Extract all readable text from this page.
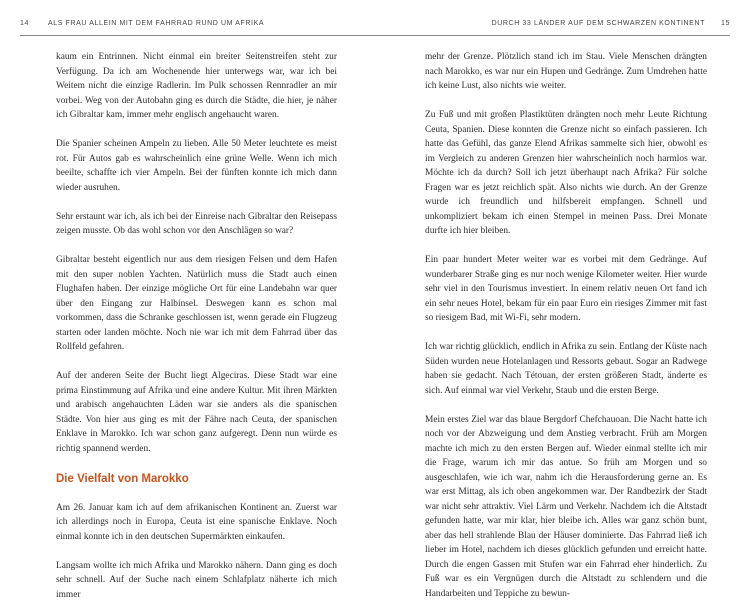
14	ALS FRAU ALLEIN MIT DEM FAHRRAD RUND UM AFRIKA

kaum ein Entrinnen. Nicht einmal ein breiter Seitenstreifen steht zur Verfügung. Da ich am Wochenende hier unterwegs war, war ich bei Weitem nicht die einzige Radlerin. Im Pulk schossen Rennradler an mir vorbei. Weg von der Autobahn ging es durch die Städte, die hier, je näher ich Gibraltar kam, immer mehr englisch angehaucht waren.

Die Spanier scheinen Ampeln zu lieben. Alle 50 Meter leuchtete es meist rot. Für Autos gab es wahrscheinlich eine grüne Welle. Wenn ich mich beeilte, schaffte ich vier Ampeln. Bei der fünften konnte ich mich dann wieder ausruhen.

Sehr erstaunt war ich, als ich bei der Einreise nach Gibraltar den Reisepass zeigen musste. Ob das wohl schon vor den Anschlägen so war?

Gibraltar besteht eigentlich nur aus dem riesigen Felsen und dem Hafen mit den super noblen Yachten. Natürlich muss die Stadt auch einen Flughafen haben. Der einzige mögliche Ort für eine Landebahn war quer über den Eingang zur Halbinsel. Deswegen kann es schon mal vorkommen, dass die Schranke geschlossen ist, wenn gerade ein Flugzeug starten oder landen möchte. Noch nie war ich mit dem Fahrrad über das Rollfeld gefahren.

Auf der anderen Seite der Bucht liegt Algeciras. Diese Stadt war eine prima Einstimmung auf Afrika und eine andere Kultur. Mit ihren Märkten und arabisch angehauchten Läden war sie anders als die spanischen Städte. Von hier aus ging es mit der Fähre nach Ceuta, der spanischen Enklave in Marokko. Ich war schon ganz aufgeregt. Denn nun würde es richtig spannend werden.

Die Vielfalt von Marokko

Am 26. Januar kam ich auf dem afrikanischen Kontinent an. Zuerst war ich allerdings noch in Europa, Ceuta ist eine spanische Enklave. Noch einmal konnte ich in den deutschen Supermärkten einkaufen.

Langsam wollte ich mich Afrika und Marokko nähern. Dann ging es doch sehr schnell. Auf der Suche nach einem Schlafplatz näherte ich mich immer

DURCH 33 LÄNDER AUF DEM SCHWARZEN KONTINENT 15

mehr der Grenze. Plötzlich stand ich im Stau. Viele Menschen drängten nach Marokko, es war nur ein Hupen und Gedränge. Zum Umdrehen hatte ich keine Lust, also nichts wie weiter.

Zu Fuß und mit großen Plastiktüten drängten noch mehr Leute Richtung Ceuta, Spanien. Diese konnten die Grenze nicht so einfach passieren. Ich hatte das Gefühl, das ganze Elend Afrikas sammelte sich hier, obwohl es im Vergleich zu anderen Grenzen hier wahrscheinlich noch harmlos war. Möchte ich da durch? Soll ich jetzt überhaupt nach Afrika? Für solche Fragen war es jetzt reichlich spät. Also nichts wie durch. An der Grenze wurde ich freundlich und hilfsbereit empfangen. Schnell und unkompliziert bekam ich einen Stempel in meinen Pass. Drei Monate durfte ich hier bleiben.

Ein paar hundert Meter weiter war es vorbei mit dem Gedränge. Auf wunderbarer Straße ging es nur noch wenige Kilometer weiter. Hier wurde sehr viel in den Tourismus investiert. In einem relativ neuen Ort fand ich ein sehr neues Hotel, bekam für ein paar Euro ein riesiges Zimmer mit fast so riesigem Bad, mit Wi-Fi, sehr modern.

Ich war richtig glücklich, endlich in Afrika zu sein. Entlang der Küste nach Süden wurden neue Hotelanlagen und Ressorts gebaut. Sogar an Radwege haben sie gedacht. Nach Tétouan, der ersten größeren Stadt, änderte es sich. Auf einmal war viel Verkehr, Staub und die ersten Berge.

Mein erstes Ziel war das blaue Bergdorf Chefchauoan. Die Nacht hatte ich noch vor der Abzweigung und dem Anstieg verbracht. Früh am Morgen machte ich mich zu den ersten Bergen auf. Wieder einmal stellte ich mir die Frage, warum ich mir das antue. So früh am Morgen und so ausgeschlafen, wie ich war, nahm ich die Herausforderung gerne an. Es war erst Mittag, als ich oben angekommen war. Der Randbezirk der Stadt war nicht sehr attraktiv. Viel Lärm und Verkehr. Nachdem ich die Altstadt gefunden hatte, war mir klar, hier bleibe ich. Alles war ganz schön bunt, aber das hell strahlende Blau der Häuser dominierte. Das Fahrrad ließ ich lieber im Hotel, nachdem ich dieses glücklich gefunden und erreicht hatte. Durch die engen Gassen mit Stufen war ein Fahrrad eher hinderlich. Zu Fuß war es ein Vergnügen durch die Altstadt zu schlendern und die Handarbeiten und Teppiche zu bewun-
